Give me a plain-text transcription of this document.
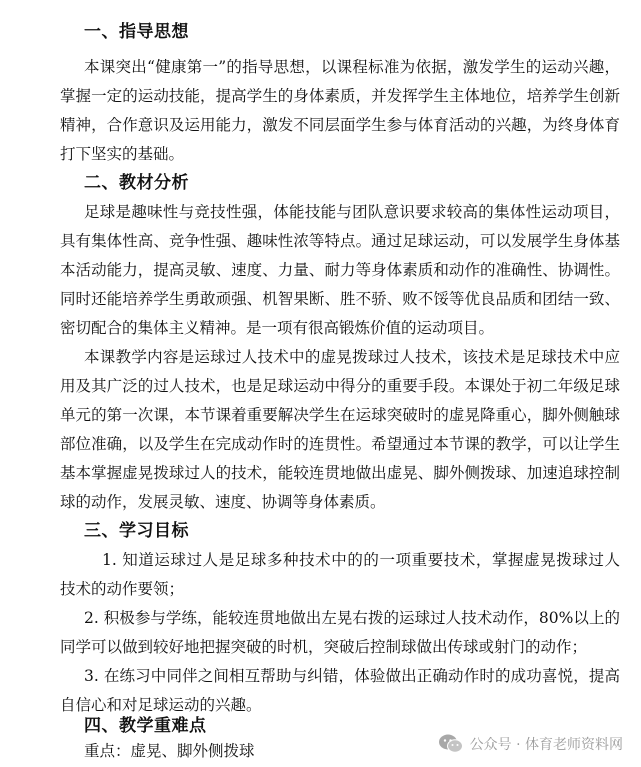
一、指导思想
本课突出“健康第一”的指导思想，以课程标准为依据，激发学生的运动兴趣，
掌握一定的运动技能，提高学生的身体素质，并发挥学生主体地位，培养学生创新
精神，合作意识及运用能力，激发不同层面学生参与体育活动的兴趣，为终身体育
打下坚实的基础。
二、教材分析
足球是趣味性与竞技性强，体能技能与团队意识要求较高的集体性运动项目，
具有集体性高、竞争性强、趣味性浓等特点。通过足球运动，可以发展学生身体基
本活动能力，提高灵敏、速度、力量、耐力等身体素质和动作的准确性、协调性。
同时还能培养学生勇敢顽强、机智果断、胜不骄、败不馁等优良品质和团结一致、
密切配合的集体主义精神。是一项有很高锻炼价值的运动项目。
本课教学内容是运球过人技术中的虚晃拨球过人技术，该技术是足球技术中应
用及其广泛的过人技术，也是足球运动中得分的重要手段。本课处于初二年级足球
单元的第一次课，本节课着重要解决学生在运球突破时的虚晃降重心，脚外侧触球
部位准确，以及学生在完成动作时的连贯性。希望通过本节课的教学，可以让学生
基本掌握虚晃拨球过人的技术，能较连贯地做出虚晃、脚外侧拨球、加速追球控制
球的动作，发展灵敏、速度、协调等身体素质。
三、学习目标
1. 知道运球过人是足球多种技术中的的一项重要技术，掌握虚晃拨球过人
技术的动作要领；
2. 积极参与学练，能较连贯地做出左晃右拨的运球过人技术动作，80%以上的
同学可以做到较好地把握突破的时机，突破后控制球做出传球或射门的动作；
3. 在练习中同伴之间相互帮助与纠错，体验做出正确动作时的成功喜悦，提高
自信心和对足球运动的兴趣。
四、教学重难点
重点：虚晃、脚外侧拨球	公众号 · 体育老师资料网
